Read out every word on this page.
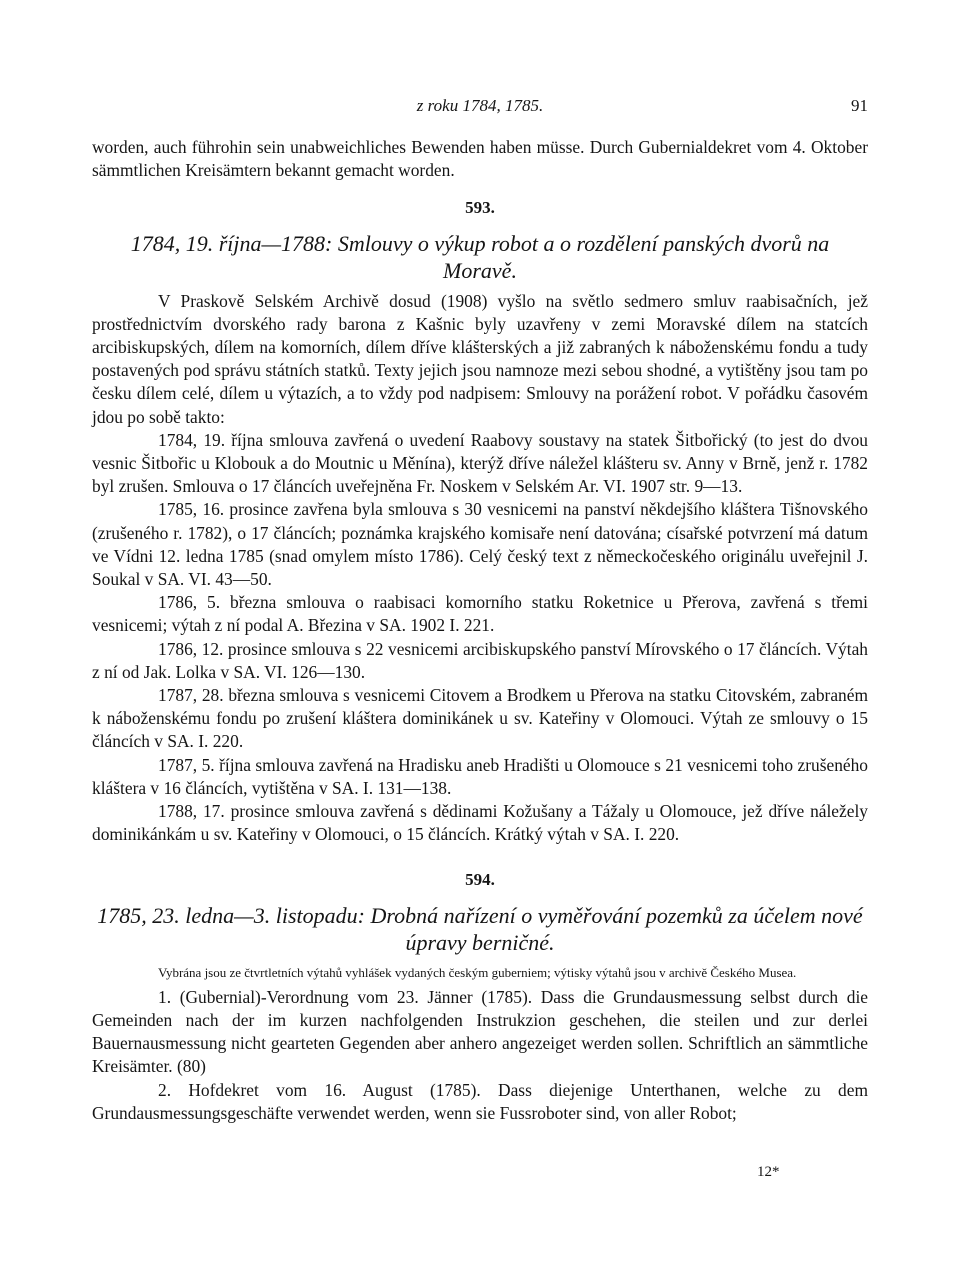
z roku 1784, 1785.	91

worden, auch führohin sein unabweichliches Bewenden haben müsse. Durch Gubernialdekret vom 4. Oktober sämmtlichen Kreisämtern bekannt gemacht worden.

593.
1784, 19. října—1788: Smlouvy o výkup robot a o rozdělení panských dvorů na Moravě.

V Praskově Selském Archivě dosud (1908) vyšlo na světlo sedmero smluv raabisačních, jež prostřednictvím dvorského rady barona z Kašnic byly uzavřeny v zemi Moravské dílem na statcích arcibiskupských, dílem na komorních, dílem dříve klášterských a již zabraných k náboženskému fondu a tudy postavených pod správu státních statků. Texty jejich jsou namnoze mezi sebou shodné, a vytištěny jsou tam po česku dílem celé, dílem u výtazích, a to vždy pod nadpisem: Smlouvy na porážení robot. V pořádku časovém jdou po sobě takto:

1784, 19. října smlouva zavřená o uvedení Raabovy soustavy na statek Šitbořický (to jest do dvou vesnic Šitbořic u Klobouk a do Moutnic u Měnína), kterýž dříve náležel klášteru sv. Anny v Brně, jenž r. 1782 byl zrušen. Smlouva o 17 článcích uveřejněna Fr. Noskem v Selském Ar. VI. 1907 str. 9—13.

1785, 16. prosince zavřena byla smlouva s 30 vesnicemi na panství někdejšího kláštera Tišnovského (zrušeného r. 1782), o 17 článcích; poznámka krajského komisaře není datována; císařské potvrzení má datum ve Vídni 12. ledna 1785 (snad omylem místo 1786). Celý český text z německočeského originálu uveřejnil J. Soukal v SA. VI. 43—50.

1786, 5. března smlouva o raabisaci komorního statku Roketnice u Přerova, zavřená s třemi vesnicemi; výtah z ní podal A. Březina v SA. 1902 I. 221.

1786, 12. prosince smlouva s 22 vesnicemi arcibiskupského panství Mírovského o 17 článcích. Výtah z ní od Jak. Lolka v SA. VI. 126—130.

1787, 28. března smlouva s vesnicemi Citovem a Brodkem u Přerova na statku Citovském, zabraném k náboženskému fondu po zrušení kláštera dominikánek u sv. Kateřiny v Olomouci. Výtah ze smlouvy o 15 článcích v SA. I. 220.

1787, 5. října smlouva zavřená na Hradisku aneb Hradišti u Olomouce s 21 vesnicemi toho zrušeného kláštera v 16 článcích, vytištěna v SA. I. 131—138.

1788, 17. prosince smlouva zavřená s dědinami Kožušany a Tážaly u Olomouce, jež dříve náležely dominikánkám u sv. Kateřiny v Olomouci, o 15 článcích. Krátký výtah v SA. I. 220.

594.
1785, 23. ledna—3. listopadu: Drobná nařízení o vyměřování pozemků za účelem nové úpravy berničné.
Vybrána jsou ze čtvrtletních výtahů vyhlášek vydaných českým guberniem; výtisky výtahů jsou v archivě Českého Musea.

1. (Gubernial)-Verordnung vom 23. Jänner (1785). Dass die Grundausmessung selbst durch die Gemeinden nach der im kurzen nachfolgenden Instrukzion geschehen, die steilen und zur derlei Bauernausmessung nicht gearteten Gegenden aber anhero angezeiget werden sollen. Schriftlich an sämmtliche Kreisämter. (80)

2. Hofdekret vom 16. August (1785). Dass diejenige Unterthanen, welche zu dem Grundausmessungsgeschäfte verwendet werden, wenn sie Fussroboter sind, von aller Robot;

12*
